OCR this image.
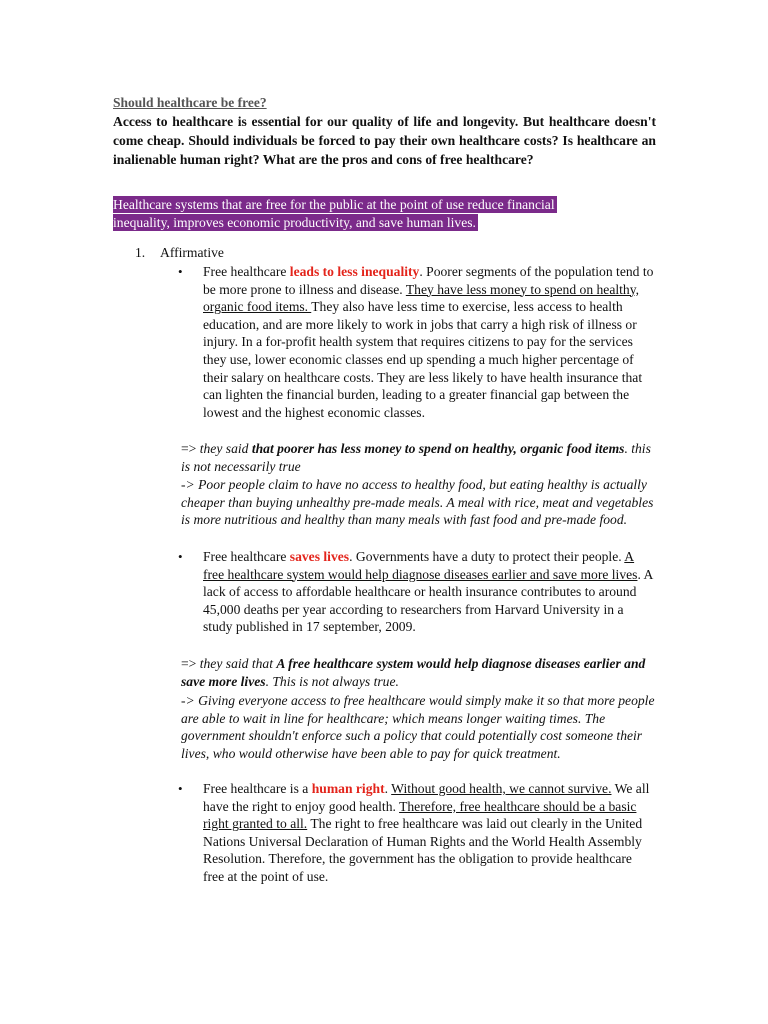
Should healthcare be free?

Access to healthcare is essential for our quality of life and longevity. But healthcare doesn't come cheap. Should individuals be forced to pay their own healthcare costs? Is healthcare an inalienable human right? What are the pros and cons of free healthcare?

Healthcare systems that are free for the public at the point of use reduce financial inequality, improves economic productivity, and save human lives.

1. Affirmative
• Free healthcare leads to less inequality. Poorer segments of the population tend to be more prone to illness and disease. They have less money to spend on healthy, organic food items. They also have less time to exercise, less access to health education, and are more likely to work in jobs that carry a high risk of illness or injury. In a for-profit health system that requires citizens to pay for the services they use, lower economic classes end up spending a much higher percentage of their salary on healthcare costs. They are less likely to have health insurance that can lighten the financial burden, leading to a greater financial gap between the lowest and the highest economic classes.

=> they said that poorer has less money to spend on healthy, organic food items. this is not necessarily true

-> Poor people claim to have no access to healthy food, but eating healthy is actually cheaper than buying unhealthy pre-made meals. A meal with rice, meat and vegetables is more nutritious and healthy than many meals with fast food and pre-made food.

• Free healthcare saves lives. Governments have a duty to protect their people. A free healthcare system would help diagnose diseases earlier and save more lives. A lack of access to affordable healthcare or health insurance contributes to around 45,000 deaths per year according to researchers from Harvard University in a study published in 17 september, 2009.

=> they said that A free healthcare system would help diagnose diseases earlier and save more lives. This is not always true.

-> Giving everyone access to free healthcare would simply make it so that more people are able to wait in line for healthcare; which means longer waiting times. The government shouldn't enforce such a policy that could potentially cost someone their lives, who would otherwise have been able to pay for quick treatment.

• Free healthcare is a human right. Without good health, we cannot survive. We all have the right to enjoy good health. Therefore, free healthcare should be a basic right granted to all. The right to free healthcare was laid out clearly in the United Nations Universal Declaration of Human Rights and the World Health Assembly Resolution. Therefore, the government has the obligation to provide healthcare free at the point of use.
